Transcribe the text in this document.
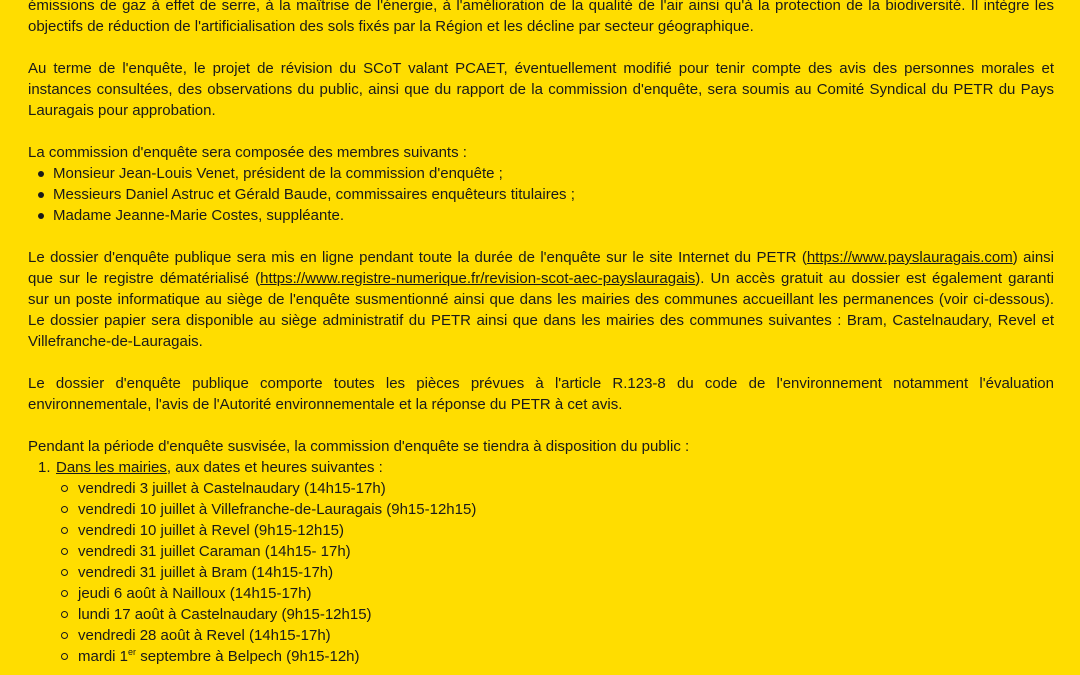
émissions de gaz à effet de serre, à la maîtrise de l'énergie, à l'amélioration de la qualité de l'air ainsi qu'à la protection de la biodiversité. Il intègre les objectifs de réduction de l'artificialisation des sols fixés par la Région et les décline par secteur géographique.

Au terme de l'enquête, le projet de révision du SCoT valant PCAET, éventuellement modifié pour tenir compte des avis des personnes morales et instances consultées, des observations du public, ainsi que du rapport de la commission d'enquête, sera soumis au Comité Syndical du PETR du Pays Lauragais pour approbation.

La commission d'enquête sera composée des membres suivants :

Monsieur Jean-Louis Venet, président de la commission d'enquête ;
Messieurs Daniel Astruc et Gérald Baude, commissaires enquêteurs titulaires ;
Madame Jeanne-Marie Costes, suppléante.

Le dossier d'enquête publique sera mis en ligne pendant toute la durée de l'enquête sur le site Internet du PETR (https://www.payslauragais.com) ainsi que sur le registre dématérialisé (https://www.registre-numerique.fr/revision-scot-aec-payslauragais). Un accès gratuit au dossier est également garanti sur un poste informatique au siège de l'enquête susmentionné ainsi que dans les mairies des communes accueillant les permanences (voir ci-dessous). Le dossier papier sera disponible au siège administratif du PETR ainsi que dans les mairies des communes suivantes : Bram, Castelnaudary, Revel et Villefranche-de-Lauragais.

Le dossier d'enquête publique comporte toutes les pièces prévues à l'article R.123-8 du code de l'environnement notamment l'évaluation environnementale, l'avis de l'Autorité environnementale et la réponse du PETR à cet avis.

Pendant la période d'enquête susvisée, la commission d'enquête se tiendra à disposition du public :

1. Dans les mairies, aux dates et heures suivantes :
vendredi 3 juillet à Castelnaudary (14h15-17h)
vendredi 10 juillet à Villefranche-de-Lauragais (9h15-12h15)
vendredi 10 juillet à Revel (9h15-12h15)
vendredi 31 juillet Caraman (14h15- 17h)
vendredi 31 juillet à Bram (14h15-17h)
jeudi 6 août à Nailloux (14h15-17h)
lundi 17 août à Castelnaudary (9h15-12h15)
vendredi 28 août à Revel (14h15-17h)
mardi 1er septembre à Belpech (9h15-12h)
